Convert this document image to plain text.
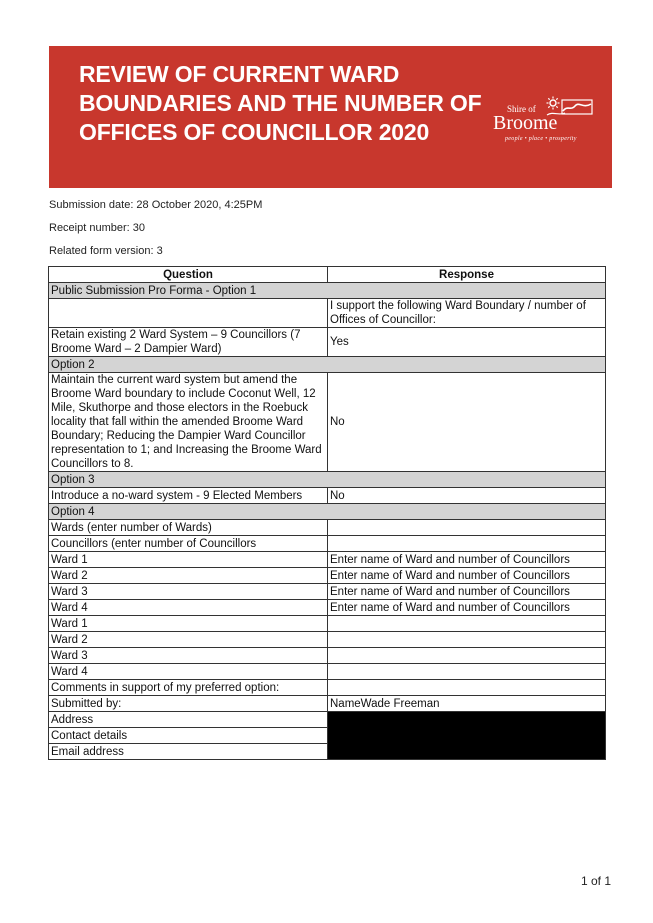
REVIEW OF CURRENT WARD BOUNDARIES AND THE NUMBER OF OFFICES OF COUNCILLOR 2020
Shire of
Broome
people • place • prosperity
Submission date: 28 October 2020, 4:25PM
Receipt number: 30
Related form version: 3
Question	Response
Public Submission Pro Forma - Option 1	
	I support the following Ward Boundary / number of Offices of Councillor:
Retain existing 2 Ward System – 9 Councillors (7 Broome Ward – 2 Dampier Ward)	Yes
Option 2	
Maintain the current ward system but amend the Broome Ward boundary to include Coconut Well, 12 Mile, Skuthorpe and those electors in the Roebuck locality that fall within the amended Broome Ward Boundary; Reducing the Dampier Ward Councillor representation to 1; and Increasing the Broome Ward Councillors to 8.	No
Option 3	
Introduce a no-ward system - 9 Elected Members	No
Option 4	
Wards (enter number of Wards)	
Councillors (enter number of Councillors	
Ward 1	Enter name of Ward and number of Councillors
Ward 2	Enter name of Ward and number of Councillors
Ward 3	Enter name of Ward and number of Councillors
Ward 4	Enter name of Ward and number of Councillors
Ward 1	
Ward 2	
Ward 3	
Ward 4	
Comments in support of my preferred option:	
Submitted by:	NameWade Freeman
Address	
Contact details	
Email address	
1 of 1
